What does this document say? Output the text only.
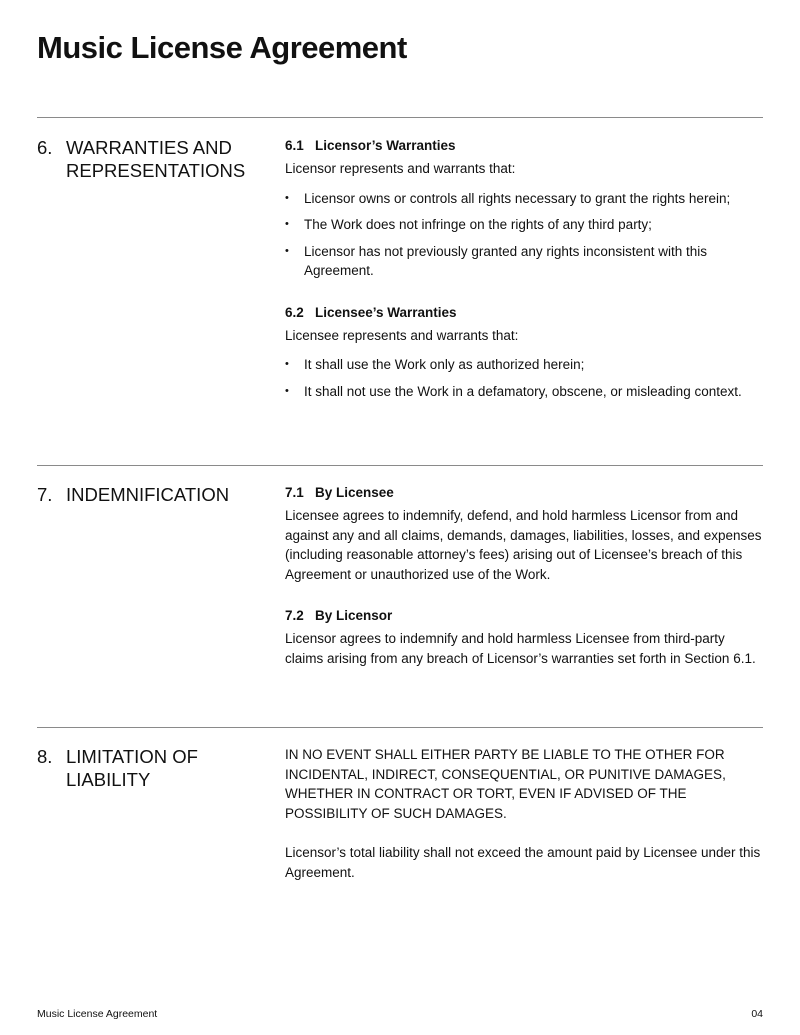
Music License Agreement
6. WARRANTIES AND REPRESENTATIONS
6.1 Licensor’s Warranties

Licensor represents and warrants that:

• Licensor owns or controls all rights necessary to grant the rights herein;
• The Work does not infringe on the rights of any third party;
• Licensor has not previously granted any rights inconsistent with this Agreement.
6.2 Licensee’s Warranties

Licensee represents and warrants that:

• It shall use the Work only as authorized herein;
• It shall not use the Work in a defamatory, obscene, or misleading context.
7. INDEMNIFICATION	7.1 By Licensee

Licensee agrees to indemnify, defend, and hold harmless Licensor from and against any and all claims, demands, damages, liabilities, losses, and expenses (including reasonable attorney’s fees) arising out of Licensee’s breach of this Agreement or unauthorized use of the Work.

7.2 By Licensor

Licensor agrees to indemnify and hold harmless Licensee from third-party claims arising from any breach of Licensor’s warranties set forth in Section 6.1.

8. LIMITATION OF LIABILITY

IN NO EVENT SHALL EITHER PARTY BE LIABLE TO THE OTHER FOR INCIDENTAL, INDIRECT, CONSEQUENTIAL, OR PUNITIVE DAMAGES, WHETHER IN CONTRACT OR TORT, EVEN IF ADVISED OF THE POSSIBILITY OF SUCH DAMAGES.

Licensor’s total liability shall not exceed the amount paid by Licensee under this Agreement.

Music License Agreement	04
